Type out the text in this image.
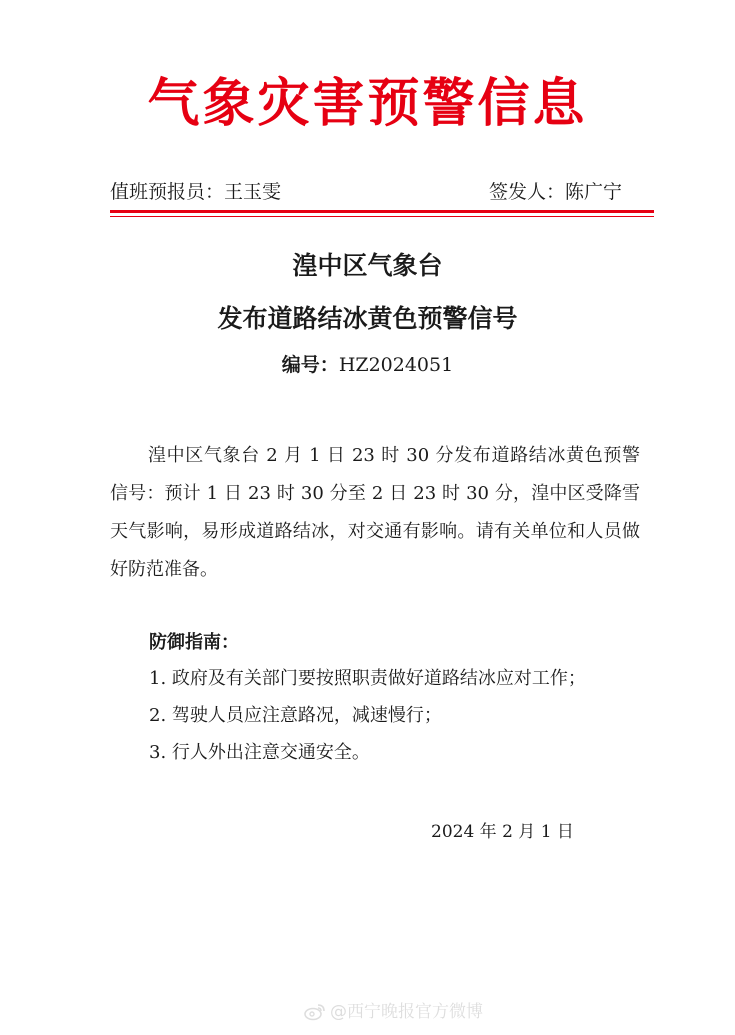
气象灾害预警信息
值班预报员： 王玉雯	签发人： 陈广宁
湟中区气象台
发布道路结冰黄色预警信号
编号：HZ2024051

湟中区气象台 2 月 1 日 23 时 30 分发布道路结冰黄色预警信号：预计 1 日 23 时 30 分至 2 日 23 时 30 分，湟中区受降雪天气影响，易形成道路结冰，对交通有影响。请有关单位和人员做好防范准备。

防御指南：
1. 政府及有关部门要按照职责做好道路结冰应对工作；
2. 驾驶人员应注意路况，减速慢行；
3. 行人外出注意交通安全。
2024 年 2 月 1 日
@西宁晚报官方微博
